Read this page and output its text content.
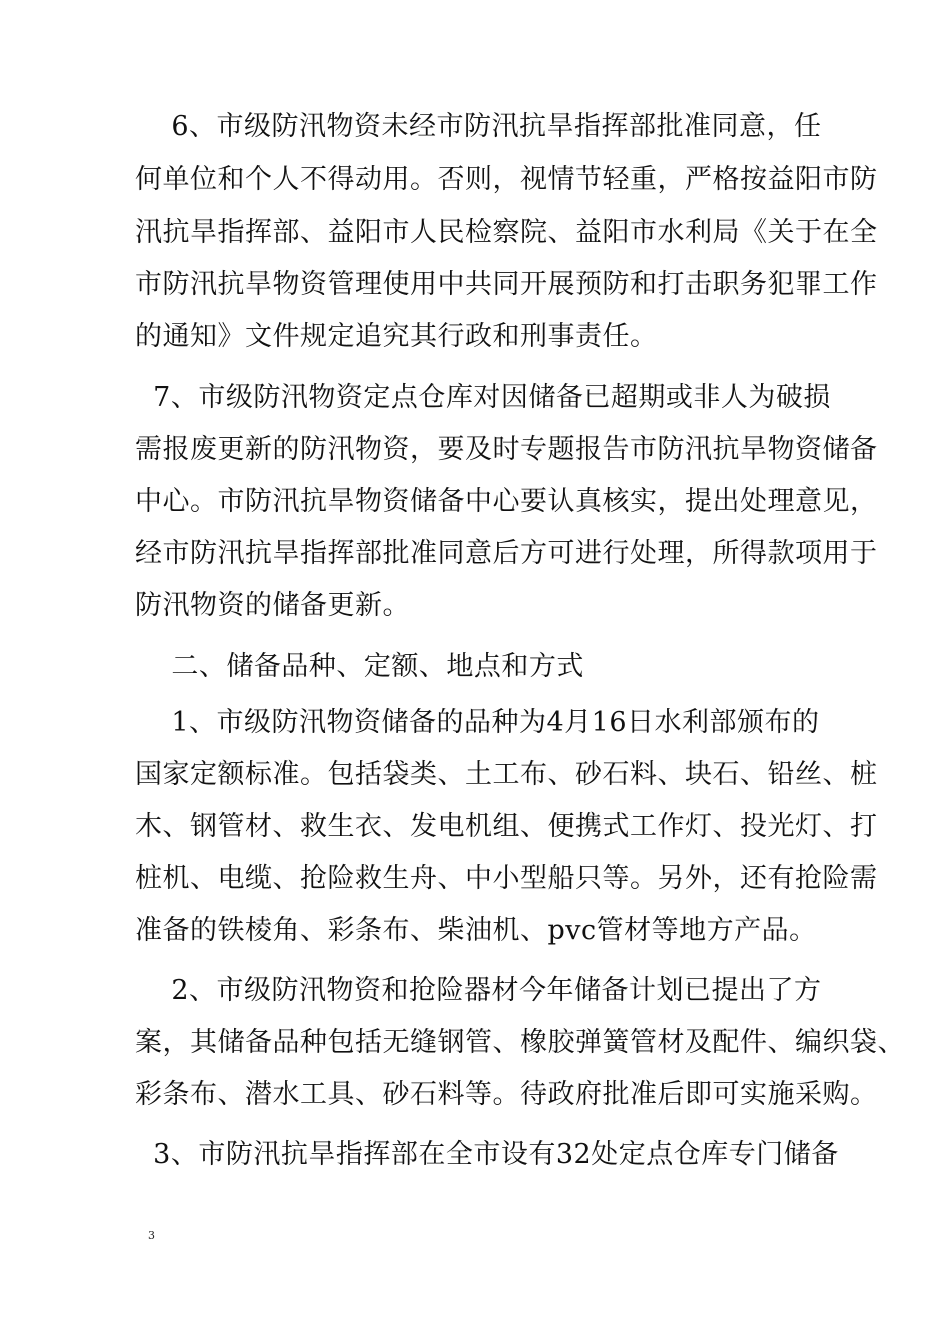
6、市级防汛物资未经市防汛抗旱指挥部批准同意，任
何单位和个人不得动用。否则，视情节轻重，严格按益阳市防
汛抗旱指挥部、益阳市人民检察院、益阳市水利局《关于在全
市防汛抗旱物资管理使用中共同开展预防和打击职务犯罪工作
的通知》文件规定追究其行政和刑事责任。
7、市级防汛物资定点仓库对因储备已超期或非人为破损
需报废更新的防汛物资，要及时专题报告市防汛抗旱物资储备
中心。市防汛抗旱物资储备中心要认真核实，提出处理意见，
经市防汛抗旱指挥部批准同意后方可进行处理，所得款项用于
防汛物资的储备更新。
二、储备品种、定额、地点和方式
1、市级防汛物资储备的品种为4月16日水利部颁布的
国家定额标准。包括袋类、土工布、砂石料、块石、铅丝、桩
木、钢管材、救生衣、发电机组、便携式工作灯、投光灯、打
桩机、电缆、抢险救生舟、中小型船只等。另外，还有抢险需
准备的铁棱角、彩条布、柴油机、pvc管材等地方产品。
2、市级防汛物资和抢险器材今年储备计划已提出了方
案，其储备品种包括无缝钢管、橡胶弹簧管材及配件、编织袋、
彩条布、潜水工具、砂石料等。待政府批准后即可实施采购。
3、市防汛抗旱指挥部在全市设有32处定点仓库专门储备
3
